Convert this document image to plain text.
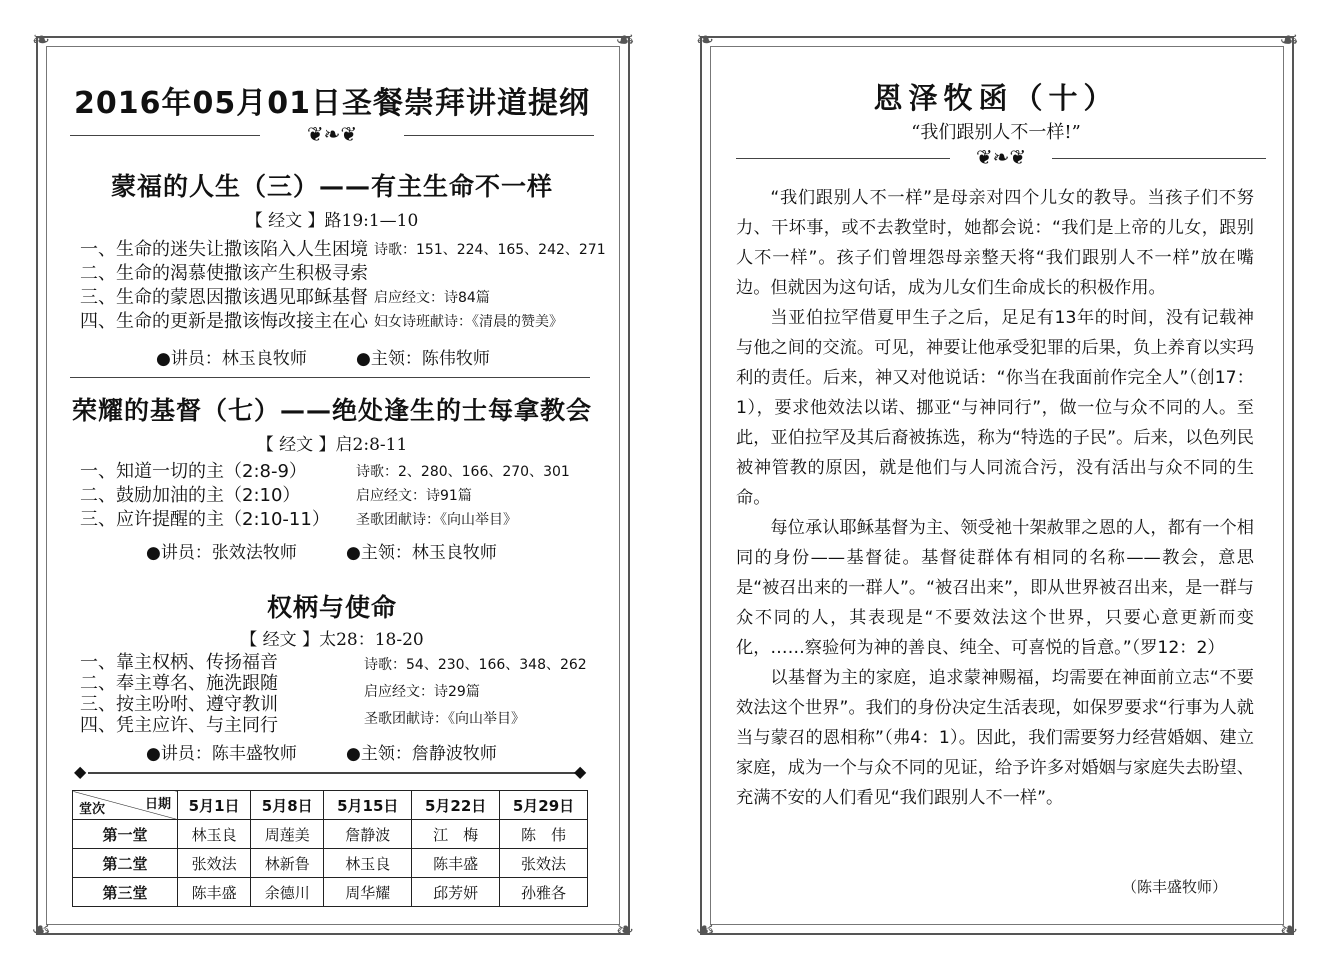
❧	☙
☙	❧
2016年05月01日圣餐崇拜讲道提纲
❦❧❦
蒙福的人生（三）——有主生命不一样
【 经文 】路19:1—10
一、生命的迷失让撒该陷入人生困境
二、生命的渴慕使撒该产生积极寻索
三、生命的蒙恩因撒该遇见耶稣基督
四、生命的更新是撒该悔改接主在心
诗歌：151、224、165、242、271

启应经文：诗84篇
妇女诗班献诗：《清晨的赞美》
●讲员：林玉良牧师	●主领：陈伟牧师
荣耀的基督（七）——绝处逢生的士每拿教会
【 经文 】启2:8-11
一、知道一切的主（2:8-9）
二、鼓励加油的主（2:10）
三、应许提醒的主（2:10-11）
诗歌：2、280、166、270、301
启应经文：诗91篇
圣歌团献诗：《向山举目》
●讲员：张效法牧师	●主领：林玉良牧师
权柄与使命
【 经文 】太28：18-20
一、靠主权柄、传扬福音
二、奉主尊名、施洗跟随
三、按主吩咐、遵守教训
四、凭主应许、与主同行
诗歌：54、230、166、348、262
启应经文：诗29篇
圣歌团献诗：《向山举目》
●讲员：陈丰盛牧师	●主领：詹静波牧师
◆	◆
日期
堂次	5月1日	5月8日	5月15日	5月22日	5月29日
第一堂	林玉良	周莲美	詹静波	江　梅	陈　伟
第二堂	张效法	林新鲁	林玉良	陈丰盛	张效法
第三堂	陈丰盛	余德川	周华耀	邱芳妍	孙雅各
❧	☙
☙	❧
恩泽牧函（十）
“我们跟别人不一样!”
❦❧❦
“我们跟别人不一样”是母亲对四个儿女的教导。当孩子们不努力、干坏事，或不去教堂时，她都会说：“我们是上帝的儿女，跟别人不一样”。孩子们曾埋怨母亲整天将“我们跟别人不一样”放在嘴边。但就因为这句话，成为儿女们生命成长的积极作用。
当亚伯拉罕借夏甲生子之后，足足有13年的时间，没有记载神与他之间的交流。可见，神要让他承受犯罪的后果，负上养育以实玛利的责任。后来，神又对他说话：“你当在我面前作完全人”（创17：1），要求他效法以诺、挪亚“与神同行”，做一位与众不同的人。至此，亚伯拉罕及其后裔被拣选，称为“特选的子民”。后来，以色列民被神管教的原因，就是他们与人同流合污，没有活出与众不同的生命。
每位承认耶稣基督为主、领受祂十架赦罪之恩的人，都有一个相同的身份——基督徒。基督徒群体有相同的名称——教会，意思是“被召出来的一群人”。“被召出来”，即从世界被召出来，是一群与众不同的人，其表现是“不要效法这个世界，只要心意更新而变化，……察验何为神的善良、纯全、可喜悦的旨意。”（罗12：2）
以基督为主的家庭，追求蒙神赐福，均需要在神面前立志“不要效法这个世界”。我们的身份决定生活表现，如保罗要求“行事为人就当与蒙召的恩相称”（弗4：1）。因此，我们需要努力经营婚姻、建立家庭，成为一个与众不同的见证，给予许多对婚姻与家庭失去盼望、充满不安的人们看见“我们跟别人不一样”。
（陈丰盛牧师）
